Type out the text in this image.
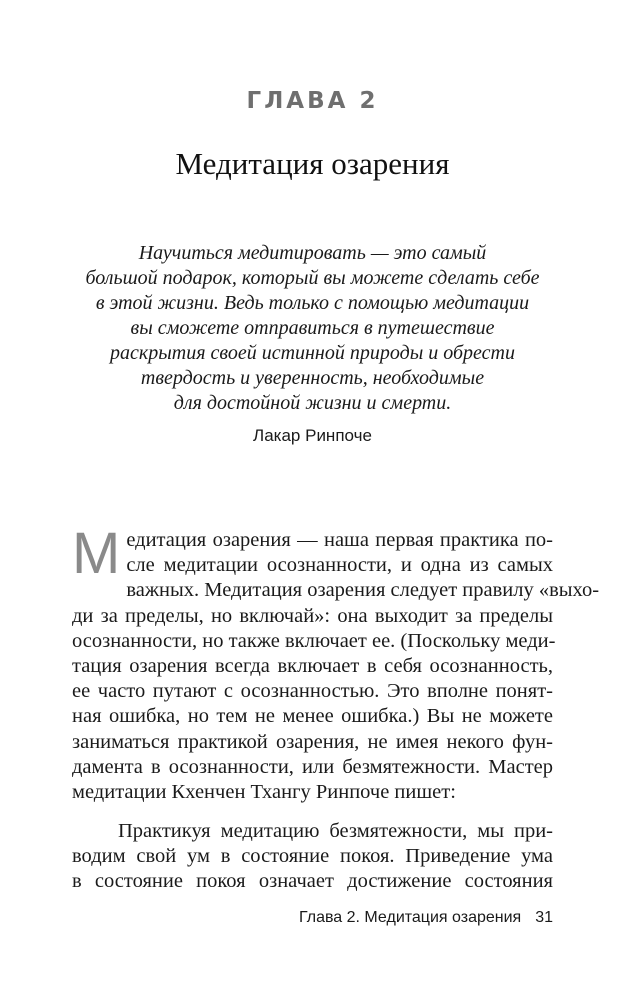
ГЛАВА 2
Медитация озарения
Научиться медитировать — это самый
большой подарок, который вы можете сделать себе
в этой жизни. Ведь только с помощью медитации
вы сможете отправиться в путешествие
раскрытия своей истинной природы и обрести
твердость и уверенность, необходимые
для достойной жизни и смерти.
Лакар Ринпоче
М едитация озарения — наша первая практика по-
сле медитации осознанности, и одна из самых
важных. Медитация озарения следует правилу «выхо-
ди за пределы, но включай»: она выходит за пределы
осознанности, но также включает ее. (Поскольку меди-
тация озарения всегда включает в себя осознанность,
ее часто путают с осознанностью. Это вполне понят-
ная ошибка, но тем не менее ошибка.) Вы не можете
заниматься практикой озарения, не имея некого фун-
дамента в осознанности, или безмятежности. Мастер
медитации Кхенчен Тхангу Ринпоче пишет:
Практикуя медитацию безмятежности, мы при-
водим свой ум в состояние покоя. Приведение ума
в состояние покоя означает достижение состояния
Глава 2. Медитация озарения 31
